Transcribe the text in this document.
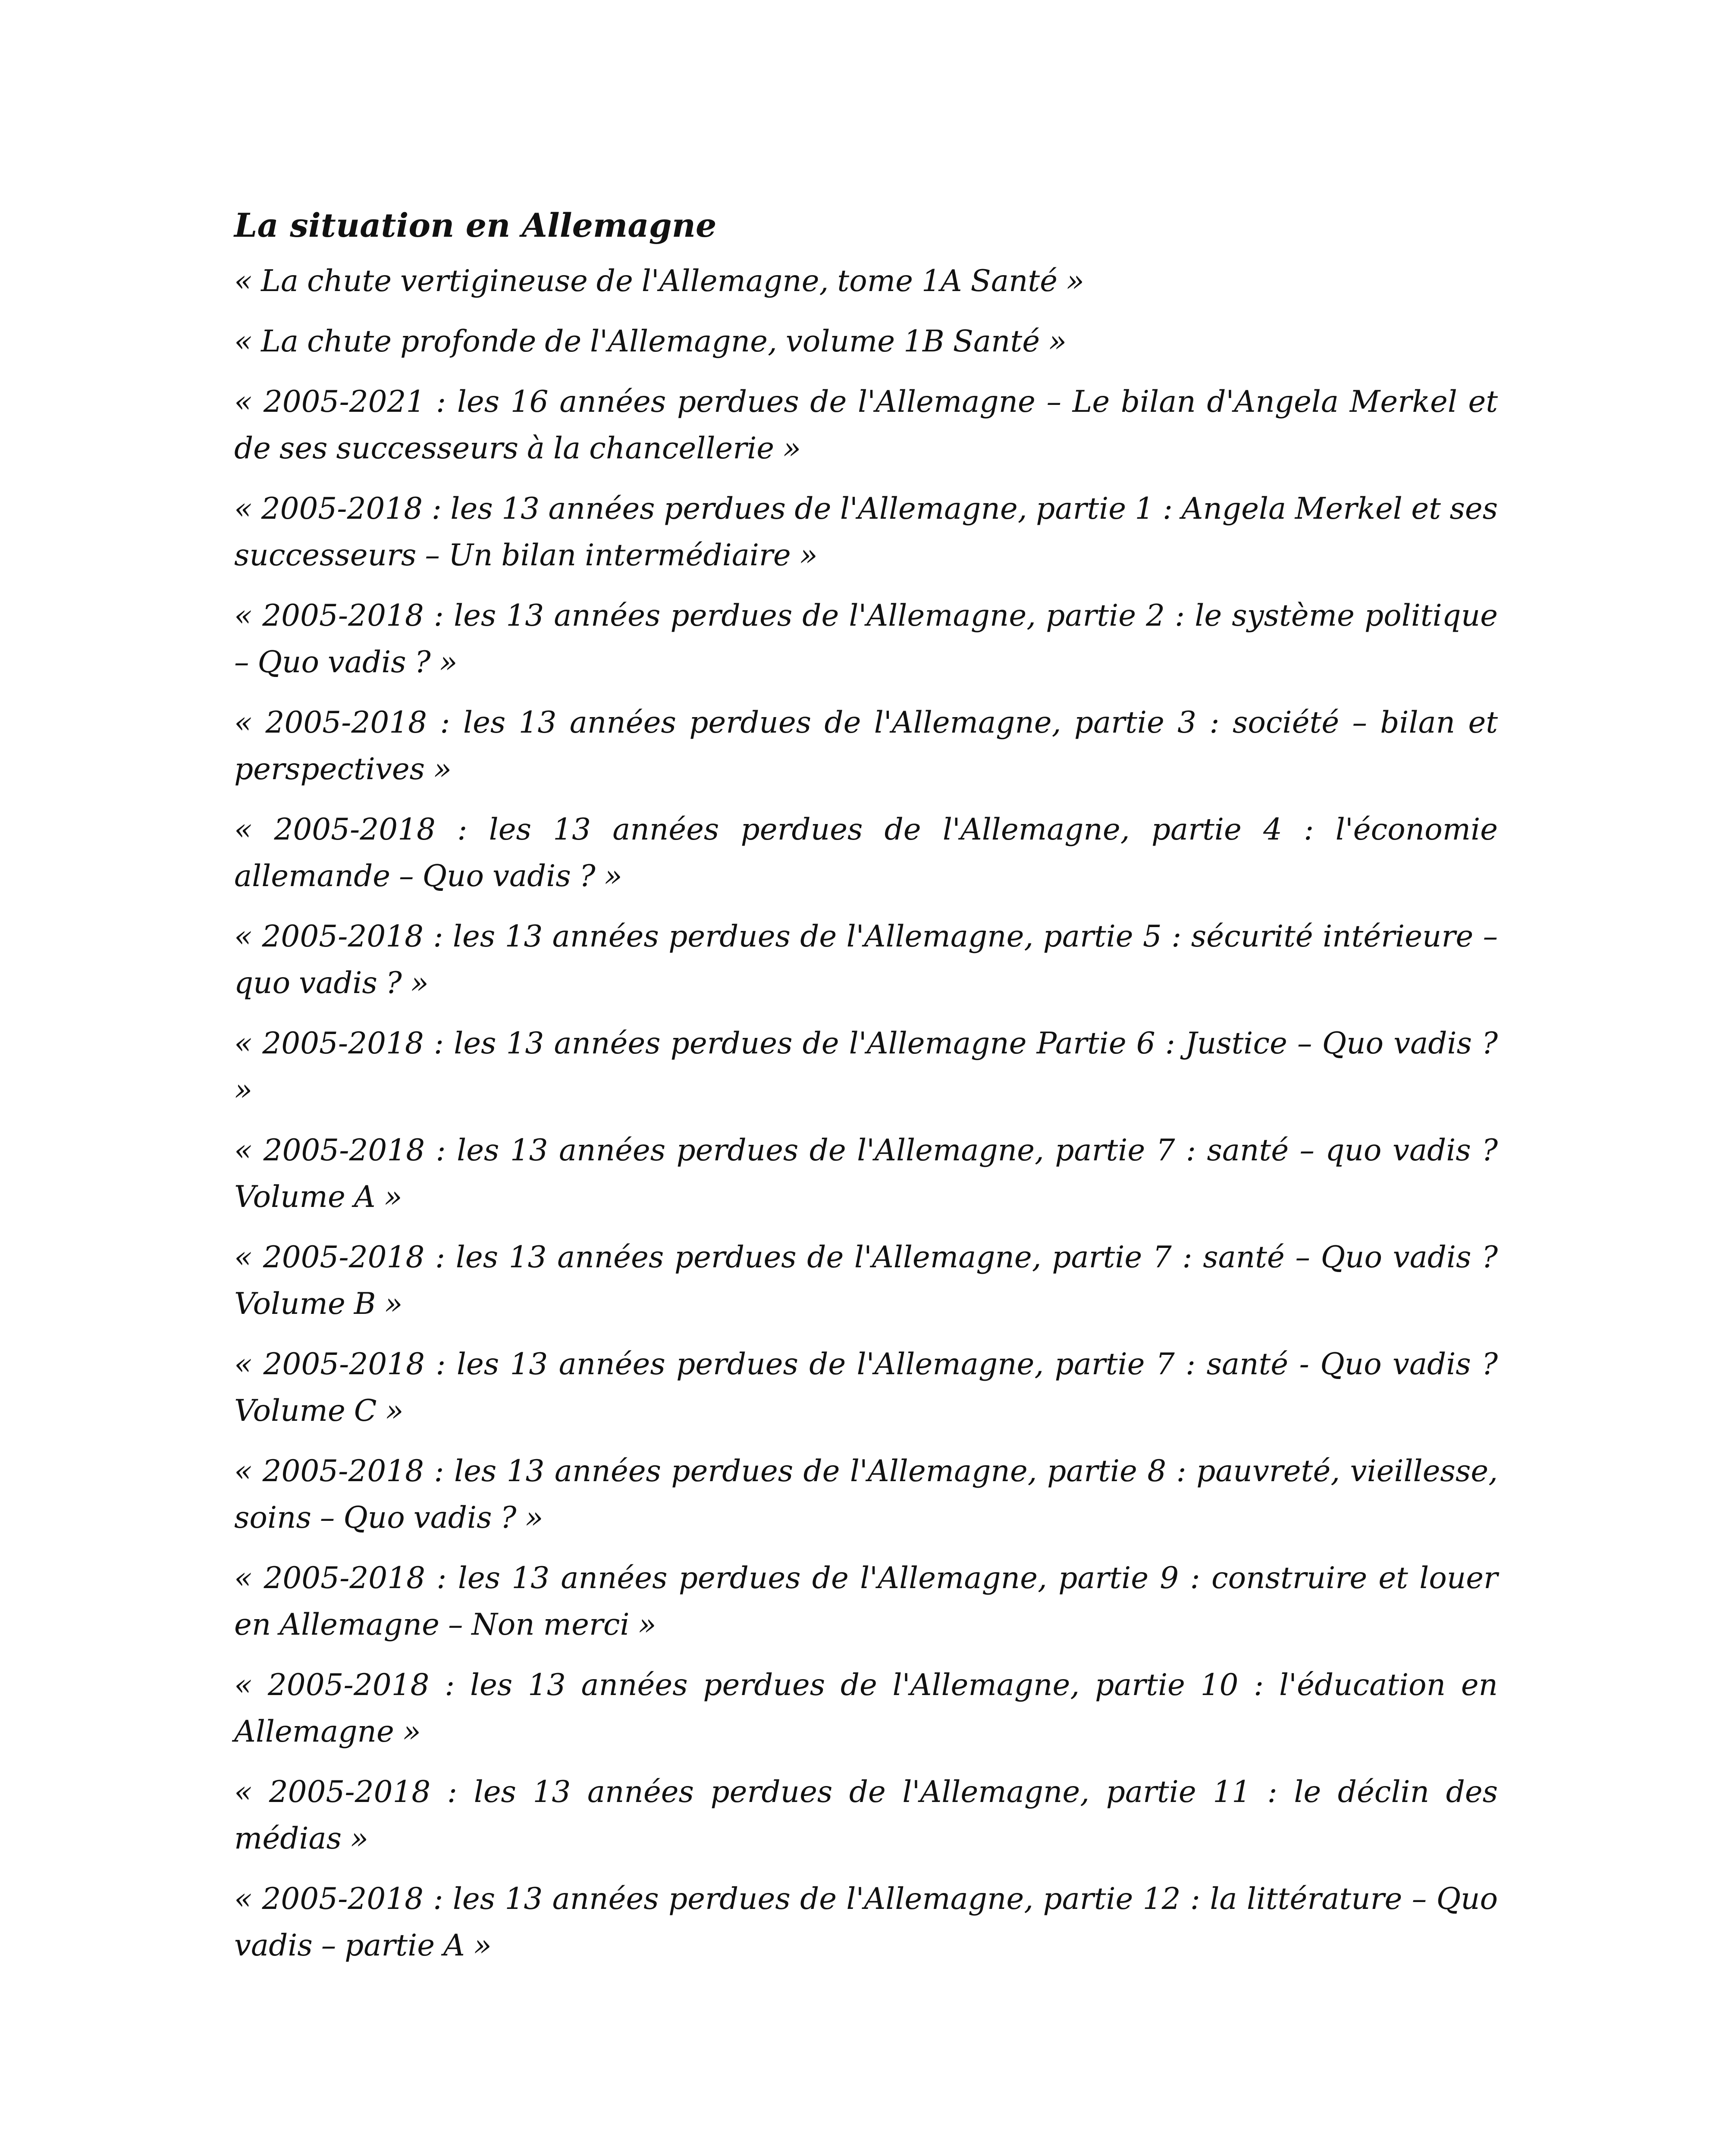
La situation en Allemagne

« La chute vertigineuse de l'Allemagne, tome 1A Santé »

« La chute profonde de l'Allemagne, volume 1B Santé »

« 2005-2021 : les 16 années perdues de l'Allemagne – Le bilan d'Angela Merkel et de ses successeurs à la chancellerie »

« 2005-2018 : les 13 années perdues de l'Allemagne, partie 1 : Angela Merkel et ses successeurs – Un bilan intermédiaire »

« 2005-2018 : les 13 années perdues de l'Allemagne, partie 2 : le système politique – Quo vadis ? »

« 2005-2018 : les 13 années perdues de l'Allemagne, partie 3 : société – bilan et perspectives »

« 2005-2018 : les 13 années perdues de l'Allemagne, partie 4 : l'économie allemande – Quo vadis ? »

« 2005-2018 : les 13 années perdues de l'Allemagne, partie 5 : sécurité intérieure – quo vadis ? »

« 2005-2018 : les 13 années perdues de l'Allemagne Partie 6 : Justice – Quo vadis ? »

« 2005-2018 : les 13 années perdues de l'Allemagne, partie 7 : santé – quo vadis ? Volume A »

« 2005-2018 : les 13 années perdues de l'Allemagne, partie 7 : santé – Quo vadis ? Volume B »

« 2005-2018 : les 13 années perdues de l'Allemagne, partie 7 : santé - Quo vadis ? Volume C »

« 2005-2018 : les 13 années perdues de l'Allemagne, partie 8 : pauvreté, vieillesse, soins – Quo vadis ? »

« 2005-2018 : les 13 années perdues de l'Allemagne, partie 9 : construire et louer en Allemagne – Non merci »

« 2005-2018 : les 13 années perdues de l'Allemagne, partie 10 : l'éducation en Allemagne »

« 2005-2018 : les 13 années perdues de l'Allemagne, partie 11 : le déclin des médias »

« 2005-2018 : les 13 années perdues de l'Allemagne, partie 12 : la littérature – Quo vadis – partie A »
